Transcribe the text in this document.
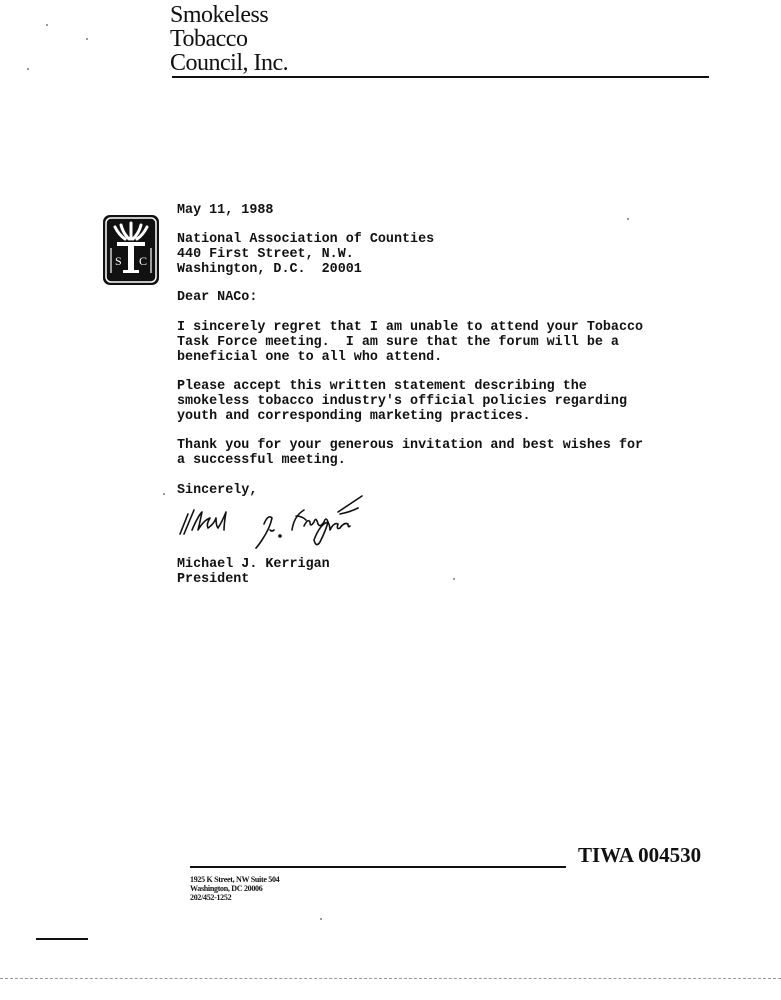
Smokeless
Tobacco
Council, Inc.
S C
May 11, 1988
National Association of Counties
440 First Street, N.W.
Washington, D.C.  20001
Dear NACo:
I sincerely regret that I am unable to attend your Tobacco
Task Force meeting.  I am sure that the forum will be a
beneficial one to all who attend.
Please accept this written statement describing the
smokeless tobacco industry's official policies regarding
youth and corresponding marketing practices.
Thank you for your generous invitation and best wishes for
a successful meeting.
Sincerely,
Michael J. Kerrigan
President
TIWA 004530
1925 K Street, NW Suite 504
Washington, DC 20006
202/452-1252
